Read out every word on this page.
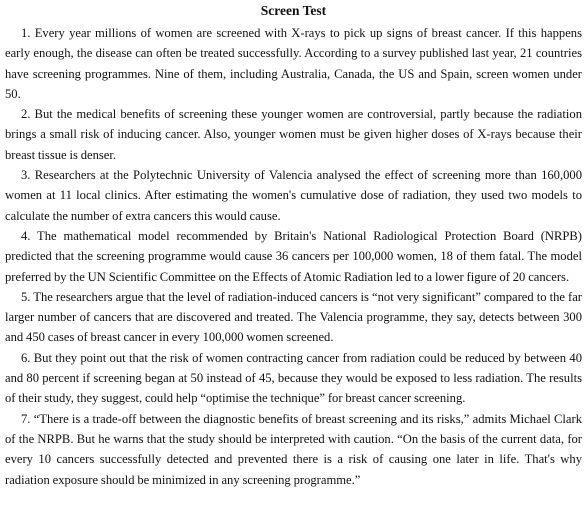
Screen Test

1. Every year millions of women are screened with X-rays to pick up signs of breast cancer. If this happens early enough, the disease can often be treated successfully. According to a survey published last year, 21 countries have screening programmes. Nine of them, including Australia, Canada, the US and Spain, screen women under 50.

2. But the medical benefits of screening these younger women are controversial, partly because the radiation brings a small risk of inducing cancer. Also, younger women must be given higher doses of X-rays because their breast tissue is denser.

3. Researchers at the Polytechnic University of Valencia analysed the effect of screening more than 160,000 women at 11 local clinics. After estimating the women's cumulative dose of radiation, they used two models to calculate the number of extra cancers this would cause.

4. The mathematical model recommended by Britain's National Radiological Protection Board (NRPB) predicted that the screening programme would cause 36 cancers per 100,000 women, 18 of them fatal. The model preferred by the UN Scientific Committee on the Effects of Atomic Radiation led to a lower figure of 20 cancers.

5. The researchers argue that the level of radiation-induced cancers is “not very significant” compared to the far larger number of cancers that are discovered and treated. The Valencia programme, they say, detects between 300 and 450 cases of breast cancer in every 100,000 women screened.

6. But they point out that the risk of women contracting cancer from radiation could be reduced by between 40 and 80 percent if screening began at 50 instead of 45, because they would be exposed to less radiation. The results of their study, they suggest, could help “optimise the technique” for breast cancer screening.

7. “There is a trade-off between the diagnostic benefits of breast screening and its risks,” admits Michael Clark of the NRPB. But he warns that the study should be interpreted with caution. “On the basis of the current data, for every 10 cancers successfully detected and prevented there is a risk of causing one later in life. That's why radiation exposure should be minimized in any screening programme.”
